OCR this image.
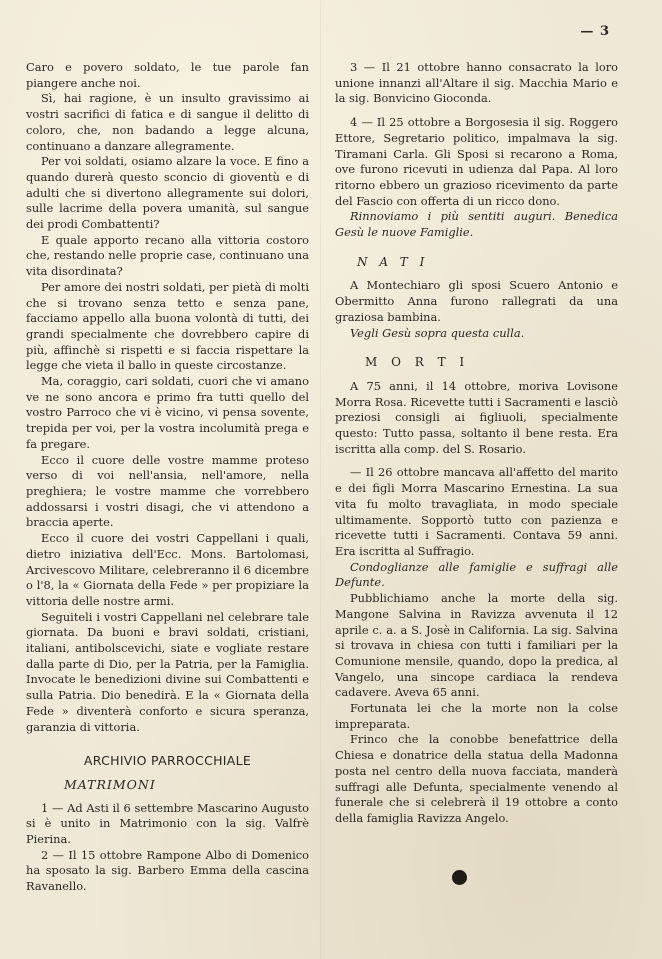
— 3

Caro e povero soldato, le tue parole fan piangere anche noi.

Sì, hai ragione, è un insulto gravissimo ai vostri sacrifici di fatica e di sangue il delitto di coloro, che, non badando a legge alcuna, continuano a danzare allegramente.

Per voi soldati, osiamo alzare la voce. E fino a quando durerà questo sconcio di gioventù e di adulti che si divertono allegramente sui dolori, sulle lacrime della povera umanità, sul sangue dei prodi Combattenti?

E quale apporto recano alla vittoria costoro che, restando nelle proprie case, continuano una vita disordinata?

Per amore dei nostri soldati, per pietà di molti che si trovano senza tetto e senza pane, facciamo appello alla buona volontà di tutti, dei grandi specialmente che dovrebbero capire di più, affinchè si rispetti e si faccia rispettare la legge che vieta il ballo in queste circostanze.

Ma, coraggio, cari soldati, cuori che vi amano ve ne sono ancora e primo fra tutti quello del vostro Parroco che vi è vicino, vi pensa sovente, trepida per voi, per la vostra incolumità prega e fa pregare.

Ecco il cuore delle vostre mamme proteso verso di voi nell'ansia, nell'amore, nella preghiera; le vostre mamme che vorrebbero addossarsi i vostri disagi, che vi attendono a braccia aperte.

Ecco il cuore dei vostri Cappellani i quali, dietro iniziativa dell'Ecc. Mons. Bartolomasi, Arcivescovo Militare, celebreranno il 6 dicembre o l'8, la « Giornata della Fede » per propiziare la vittoria delle nostre armi.

Seguiteli i vostri Cappellani nel celebrare tale giornata. Da buoni e bravi soldati, cristiani, italiani, antibolscevichi, siate e vogliate restare dalla parte di Dio, per la Patria, per la Famiglia. Invocate le benedizioni divine sui Combattenti e sulla Patria. Dio benedirà. E la « Giornata della Fede » diventerà conforto e sicura speranza, garanzia di vittoria.

ARCHIVIO PARROCCHIALE
MATRIMONI

1 — Ad Asti il 6 settembre Mascarino Augusto si è unito in Matrimonio con la sig. Valfrè Pierina.

2 — Il 15 ottobre Rampone Albo di Domenico ha sposato la sig. Barbero Emma della cascina Ravanello.

3 — Il 21 ottobre hanno consacrato la loro unione innanzi all'Altare il sig. Macchia Mario e la sig. Bonvicino Gioconda.

4 — Il 25 ottobre a Borgosesia il sig. Roggero Ettore, Segretario politico, impalmava la sig. Tiramani Carla. Gli Sposi si recarono a Roma, ove furono ricevuti in udienza dal Papa. Al loro ritorno ebbero un grazioso ricevimento da parte del Fascio con offerta di un ricco dono.

Rinnoviamo i più sentiti auguri. Benedica Gesù le nuove Famiglie.

N A T I

A Montechiaro gli sposi Scuero Antonio e Obermitto Anna furono rallegrati da una graziosa bambina.

Vegli Gesù sopra questa culla.

M O R T I

A 75 anni, il 14 ottobre, moriva Lovisone Morra Rosa. Ricevette tutti i Sacramenti e lasciò preziosi consigli ai figliuoli, specialmente questo: Tutto passa, soltanto il bene resta. Era iscritta alla comp. del S. Rosario.

— Il 26 ottobre mancava all'affetto del marito e dei figli Morra Mascarino Ernestina. La sua vita fu molto travagliata, in modo speciale ultimamente. Sopportò tutto con pazienza e ricevette tutti i Sacramenti. Contava 59 anni. Era iscritta al Suffragio.

Condoglianze alle famiglie e suffragi alle Defunte.

Pubblichiamo anche la morte della sig. Mangone Salvina in Ravizza avvenuta il 12 aprile c. a. a S. Josè in California. La sig. Salvina si trovava in chiesa con tutti i familiari per la Comunione mensile, quando, dopo la predica, al Vangelo, una sincope cardiaca la rendeva cadavere. Aveva 65 anni.

Fortunata lei che la morte non la colse impreparata.

Frinco che la conobbe benefattrice della Chiesa e donatrice della statua della Madonna posta nel centro della nuova facciata, manderà suffragi alle Defunta, specialmente venendo al funerale che si celebrerà il 19 ottobre a conto della famiglia Ravizza Angelo.
